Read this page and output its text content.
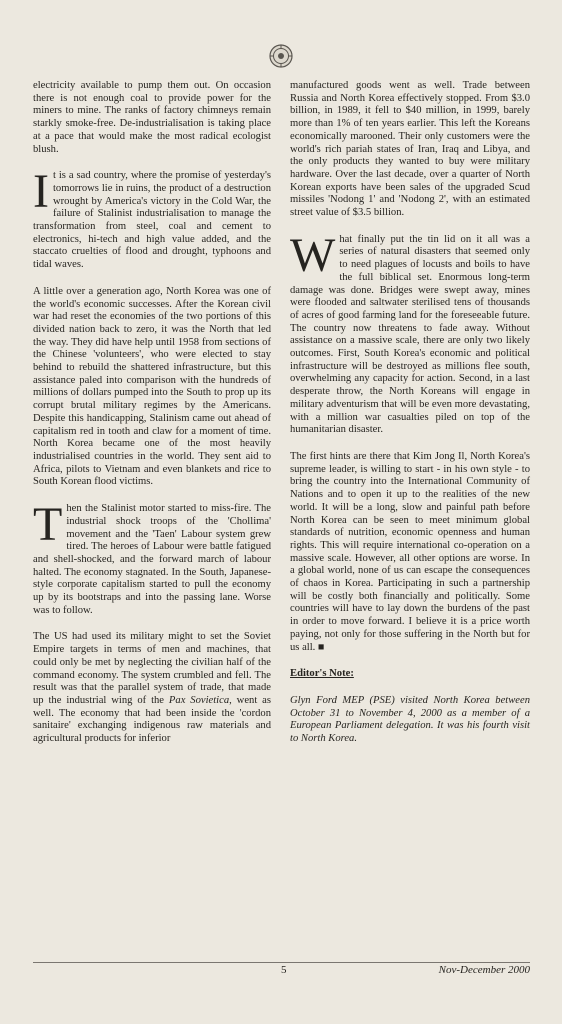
electricity available to pump them out. On occasion there is not enough coal to provide power for the miners to mine. The ranks of factory chimneys remain starkly smoke-free. De-industrialisation is taking place at a pace that would make the most radical ecologist blush.

It is a sad country, where the promise of yesterday's tomorrows lie in ruins, the product of a destruction wrought by America's victory in the Cold War, the failure of Stalinist industrialisation to manage the transformation from steel, coal and cement to electronics, hi-tech and high value added, and the staccato cruelties of flood and drought, typhoons and tidal waves.

A little over a generation ago, North Korea was one of the world's economic successes. After the Korean civil war had reset the economies of the two portions of this divided nation back to zero, it was the North that led the way. They did have help until 1958 from sections of the Chinese 'volunteers', who were elected to stay behind to rebuild the shattered infrastructure, but this assistance paled into comparison with the hundreds of millions of dollars pumped into the South to prop up its corrupt brutal military regimes by the Americans. Despite this handicapping, Stalinism came out ahead of capitalism red in tooth and claw for a moment of time. North Korea became one of the most heavily industrialised countries in the world. They sent aid to Africa, pilots to Vietnam and even blankets and rice to South Korean flood victims.

Then the Stalinist motor started to miss-fire. The industrial shock troops of the 'Chollima' movement and the 'Taen' Labour system grew tired. The heroes of Labour were battle fatigued and shell-shocked, and the forward march of labour halted. The economy stagnated. In the South, Japanese-style corporate capitalism started to pull the economy up by its bootstraps and into the passing lane. Worse was to follow.

The US had used its military might to set the Soviet Empire targets in terms of men and machines, that could only be met by neglecting the civilian half of the command economy. The system crumbled and fell. The result was that the parallel system of trade, that made up the industrial wing of the Pax Sovietica, went as well. The economy that had been inside the 'cordon sanitaire' exchanging indigenous raw materials and agricultural products for inferior

manufactured goods went as well. Trade between Russia and North Korea effectively stopped. From $3.0 billion, in 1989, it fell to $40 million, in 1999, barely more than 1% of ten years earlier. This left the Koreans economically marooned. Their only customers were the world's rich pariah states of Iran, Iraq and Libya, and the only products they wanted to buy were military hardware. Over the last decade, over a quarter of North Korean exports have been sales of the upgraded Scud missiles 'Nodong 1' and 'Nodong 2', with an estimated street value of $3.5 billion.

What finally put the tin lid on it all was a series of natural disasters that seemed only to need plagues of locusts and boils to have the full biblical set. Enormous long-term damage was done. Bridges were swept away, mines were flooded and saltwater sterilised tens of thousands of acres of good farming land for the foreseeable future. The country now threatens to fade away. Without assistance on a massive scale, there are only two likely outcomes. First, South Korea's economic and political infrastructure will be destroyed as millions flee south, overwhelming any capacity for action. Second, in a last desperate throw, the North Koreans will engage in military adventurism that will be even more devastating, with a million war casualties piled on top of the humanitarian disaster.

The first hints are there that Kim Jong Il, North Korea's supreme leader, is willing to start - in his own style - to bring the country into the International Community of Nations and to open it up to the realities of the new world. It will be a long, slow and painful path before North Korea can be seen to meet minimum global standards of nutrition, economic openness and human rights. This will require international co-operation on a massive scale. However, all other options are worse. In a global world, none of us can escape the consequences of chaos in Korea. Participating in such a partnership will be costly both financially and politically. Some countries will have to lay down the burdens of the past in order to move forward. I believe it is a price worth paying, not only for those suffering in the North but for us all. ■

Editor's Note:

Glyn Ford MEP (PSE) visited North Korea between October 31 to November 4, 2000 as a member of a European Parliament delegation. It was his fourth visit to North Korea.

5	Nov-December 2000
